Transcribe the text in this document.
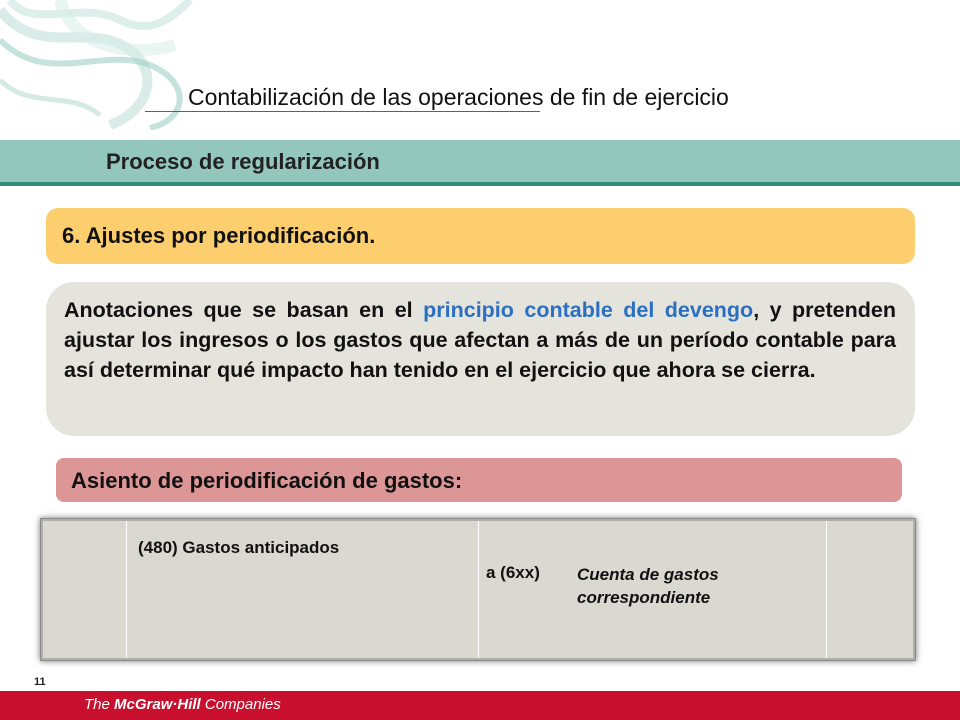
Contabilización de las operaciones de fin de ejercicio
Proceso de regularización
6. Ajustes por periodificación.

Anotaciones que se basan en el principio contable del devengo, y pretenden ajustar los ingresos o los gastos que afectan a más de un período contable para así determinar qué impacto han tenido en el ejercicio que ahora se cierra.

Asiento de periodificación de gastos:
(480) Gastos anticipados
a (6xx) Cuenta de gastos correspondiente
11
The McGraw·Hill Companies
